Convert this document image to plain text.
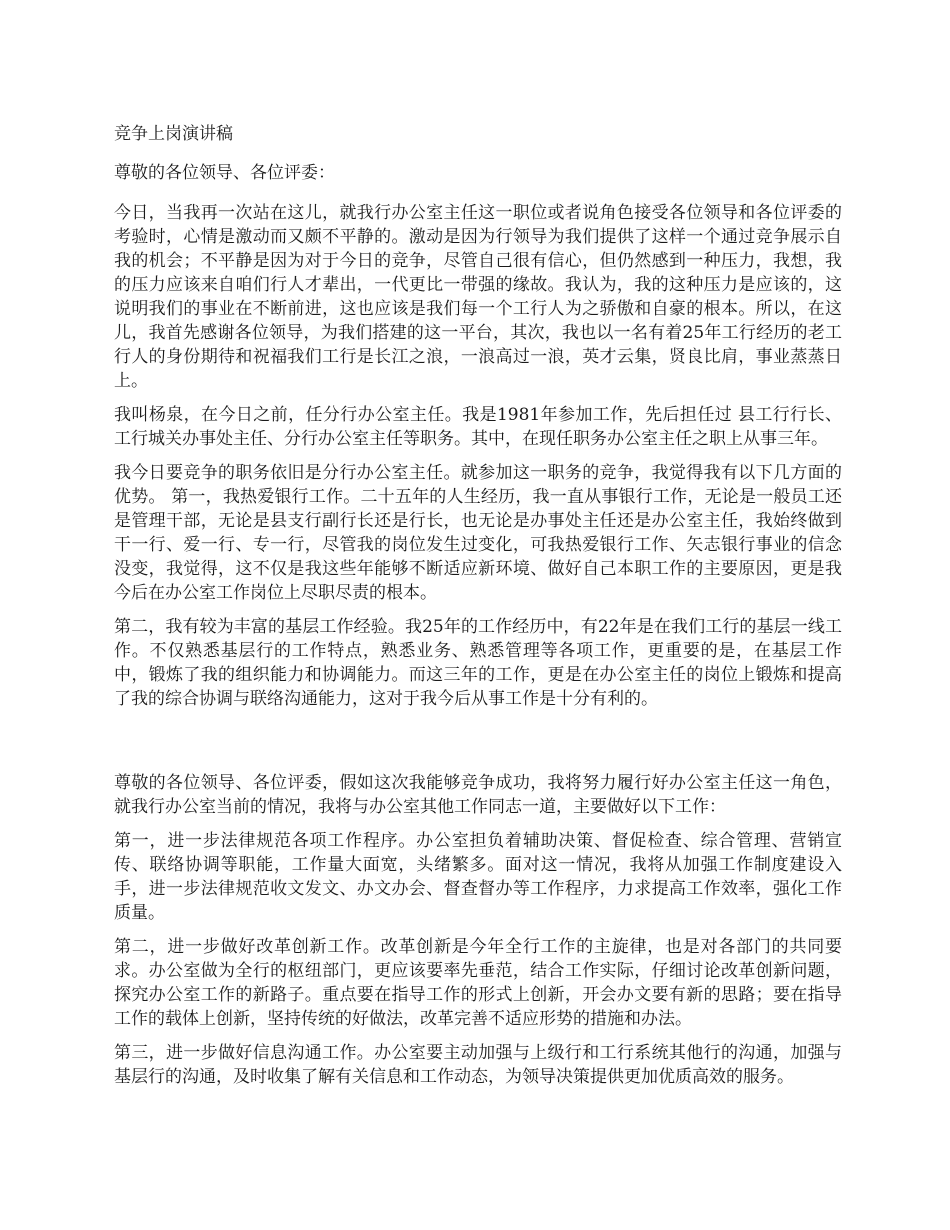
竞争上岗演讲稿

尊敬的各位领导、各位评委：

今日，当我再一次站在这儿，就我行办公室主任这一职位或者说角色接受各位领导和各位评委的考验时，心情是激动而又颇不平静的。激动是因为行领导为我们提供了这样一个通过竞争展示自我的机会；不平静是因为对于今日的竞争，尽管自己很有信心，但仍然感到一种压力，我想，我的压力应该来自咱们行人才辈出，一代更比一带强的缘故。我认为，我的这种压力是应该的，这说明我们的事业在不断前进，这也应该是我们每一个工行人为之骄傲和自豪的根本。所以，在这儿，我首先感谢各位领导，为我们搭建的这一平台，其次，我也以一名有着25年工行经历的老工行人的身份期待和祝福我们工行是长江之浪，一浪高过一浪，英才云集，贤良比肩，事业蒸蒸日上。

我叫杨泉，在今日之前，任分行办公室主任。我是1981年参加工作，先后担任过 县工行行长、工行城关办事处主任、分行办公室主任等职务。其中，在现任职务办公室主任之职上从事三年。

我今日要竞争的职务依旧是分行办公室主任。就参加这一职务的竞争，我觉得我有以下几方面的优势。 第一，我热爱银行工作。二十五年的人生经历，我一直从事银行工作，无论是一般员工还是管理干部，无论是县支行副行长还是行长，也无论是办事处主任还是办公室主任，我始终做到干一行、爱一行、专一行，尽管我的岗位发生过变化，可我热爱银行工作、矢志银行事业的信念没变，我觉得，这不仅是我这些年能够不断适应新环境、做好自己本职工作的主要原因，更是我今后在办公室工作岗位上尽职尽责的根本。

第二，我有较为丰富的基层工作经验。我25年的工作经历中，有22年是在我们工行的基层一线工作。不仅熟悉基层行的工作特点，熟悉业务、熟悉管理等各项工作，更重要的是，在基层工作中，锻炼了我的组织能力和协调能力。而这三年的工作，更是在办公室主任的岗位上锻炼和提高了我的综合协调与联络沟通能力，这对于我今后从事工作是十分有利的。

尊敬的各位领导、各位评委，假如这次我能够竞争成功，我将努力履行好办公室主任这一角色，就我行办公室当前的情况，我将与办公室其他工作同志一道，主要做好以下工作：

第一，进一步法律规范各项工作程序。办公室担负着辅助决策、督促检查、综合管理、营销宣传、联络协调等职能，工作量大面宽，头绪繁多。面对这一情况，我将从加强工作制度建设入手，进一步法律规范收文发文、办文办会、督查督办等工作程序，力求提高工作效率，强化工作质量。

第二，进一步做好改革创新工作。改革创新是今年全行工作的主旋律，也是对各部门的共同要求。办公室做为全行的枢纽部门，更应该要率先垂范，结合工作实际，仔细讨论改革创新问题，探究办公室工作的新路子。重点要在指导工作的形式上创新，开会办文要有新的思路；要在指导工作的载体上创新，坚持传统的好做法，改革完善不适应形势的措施和办法。

第三，进一步做好信息沟通工作。办公室要主动加强与上级行和工行系统其他行的沟通，加强与基层行的沟通，及时收集了解有关信息和工作动态，为领导决策提供更加优质高效的服务。
